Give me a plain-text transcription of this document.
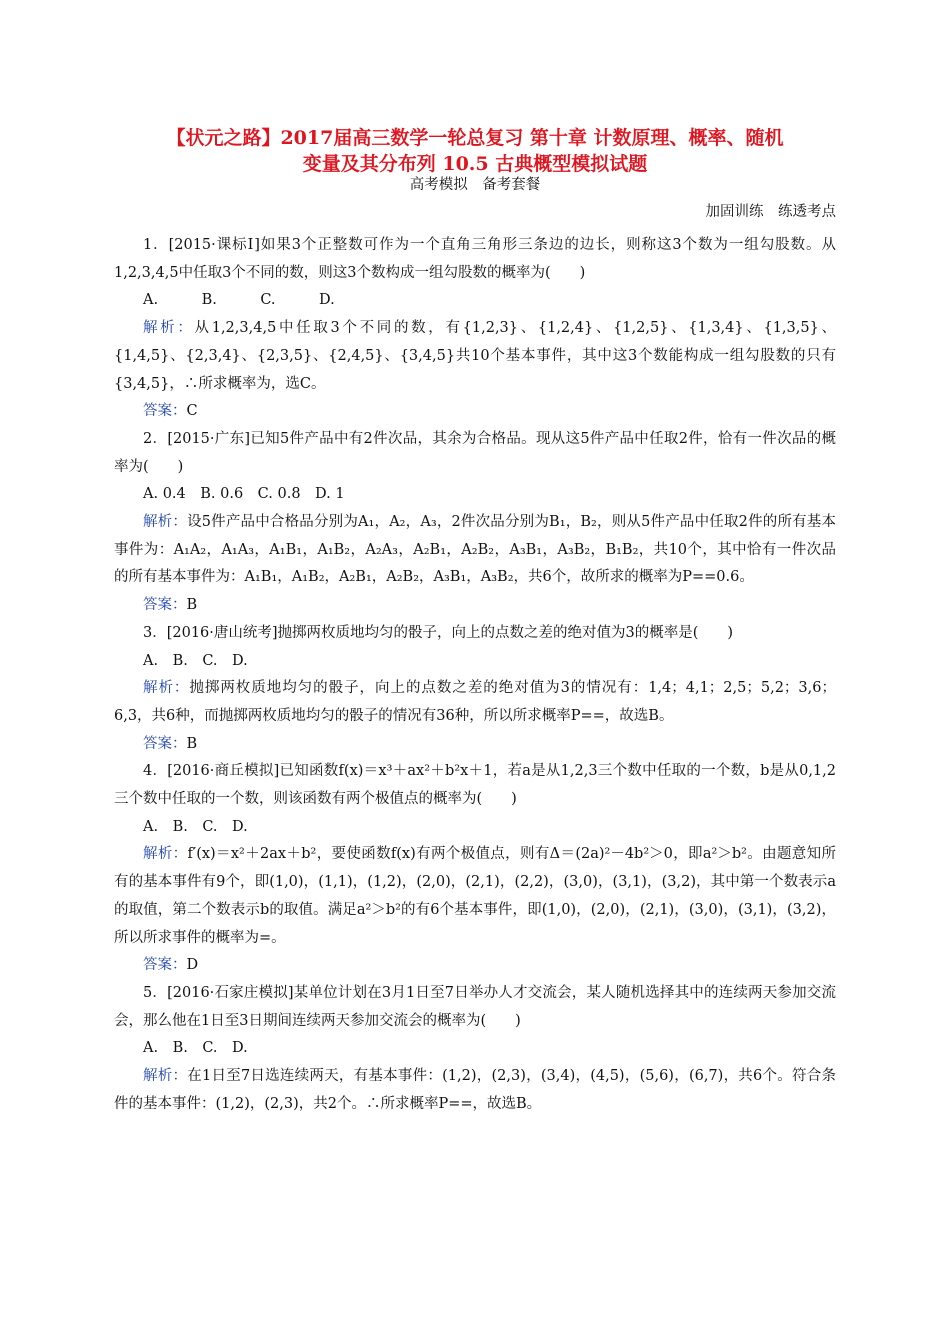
【状元之路】2017届高三数学一轮总复习 第十章 计数原理、概率、随机
变量及其分布列 10.5 古典概型模拟试题
高考模拟　备考套餐
加固训练　练透考点

1．[2015·课标Ⅰ]如果3个正整数可作为一个直角三角形三条边的边长，则称这3个数为一组勾股数。从1,2,3,4,5中任取3个不同的数，则这3个数构成一组勾股数的概率为(　　)

A.　　　B.　　　C.　　　D.

解析：从1,2,3,4,5中任取3个不同的数，有{1,2,3}、{1,2,4}、{1,2,5}、{1,3,4}、{1,3,5}、{1,4,5}、{2,3,4}、{2,3,5}、{2,4,5}、{3,4,5}共10个基本事件，其中这3个数能构成一组勾股数的只有{3,4,5}，∴所求概率为，选C。

答案：C

2．[2015·广东]已知5件产品中有2件次品，其余为合格品。现从这5件产品中任取2件，恰有一件次品的概率为(　　)

A. 0.4　B. 0.6　C. 0.8　D. 1

解析：设5件产品中合格品分别为A₁，A₂，A₃，2件次品分别为B₁，B₂，则从5件产品中任取2件的所有基本事件为：A₁A₂，A₁A₃，A₁B₁，A₁B₂，A₂A₃，A₂B₁，A₂B₂，A₃B₁，A₃B₂，B₁B₂，共10个，其中恰有一件次品的所有基本事件为：A₁B₁，A₁B₂，A₂B₁，A₂B₂，A₃B₁，A₃B₂，共6个，故所求的概率为P==0.6。

答案：B

3．[2016·唐山统考]抛掷两枚质地均匀的骰子，向上的点数之差的绝对值为3的概率是(　　)

A.　B.　C.　D.

解析：抛掷两枚质地均匀的骰子，向上的点数之差的绝对值为3的情况有：1,4；4,1；2,5；5,2；3,6；6,3，共6种，而抛掷两枚质地均匀的骰子的情况有36种，所以所求概率P==，故选B。

答案：B

4．[2016·商丘模拟]已知函数f(x)＝x³＋ax²＋b²x＋1，若a是从1,2,3三个数中任取的一个数，b是从0,1,2三个数中任取的一个数，则该函数有两个极值点的概率为(　　)

A.　B.　C.　D.

解析：f′(x)＝x²＋2ax＋b²，要使函数f(x)有两个极值点，则有Δ＝(2a)²－4b²＞0，即a²＞b²。由题意知所有的基本事件有9个，即(1,0)，(1,1)，(1,2)，(2,0)，(2,1)，(2,2)，(3,0)，(3,1)，(3,2)，其中第一个数表示a的取值，第二个数表示b的取值。满足a²＞b²的有6个基本事件，即(1,0)，(2,0)，(2,1)，(3,0)，(3,1)，(3,2)，所以所求事件的概率为=。

答案：D

5．[2016·石家庄模拟]某单位计划在3月1日至7日举办人才交流会，某人随机选择其中的连续两天参加交流会，那么他在1日至3日期间连续两天参加交流会的概率为(　　)

A.　B.　C.　D.

解析：在1日至7日选连续两天，有基本事件：(1,2)，(2,3)，(3,4)，(4,5)，(5,6)，(6,7)，共6个。符合条件的基本事件：(1,2)，(2,3)，共2个。∴所求概率P==，故选B。
